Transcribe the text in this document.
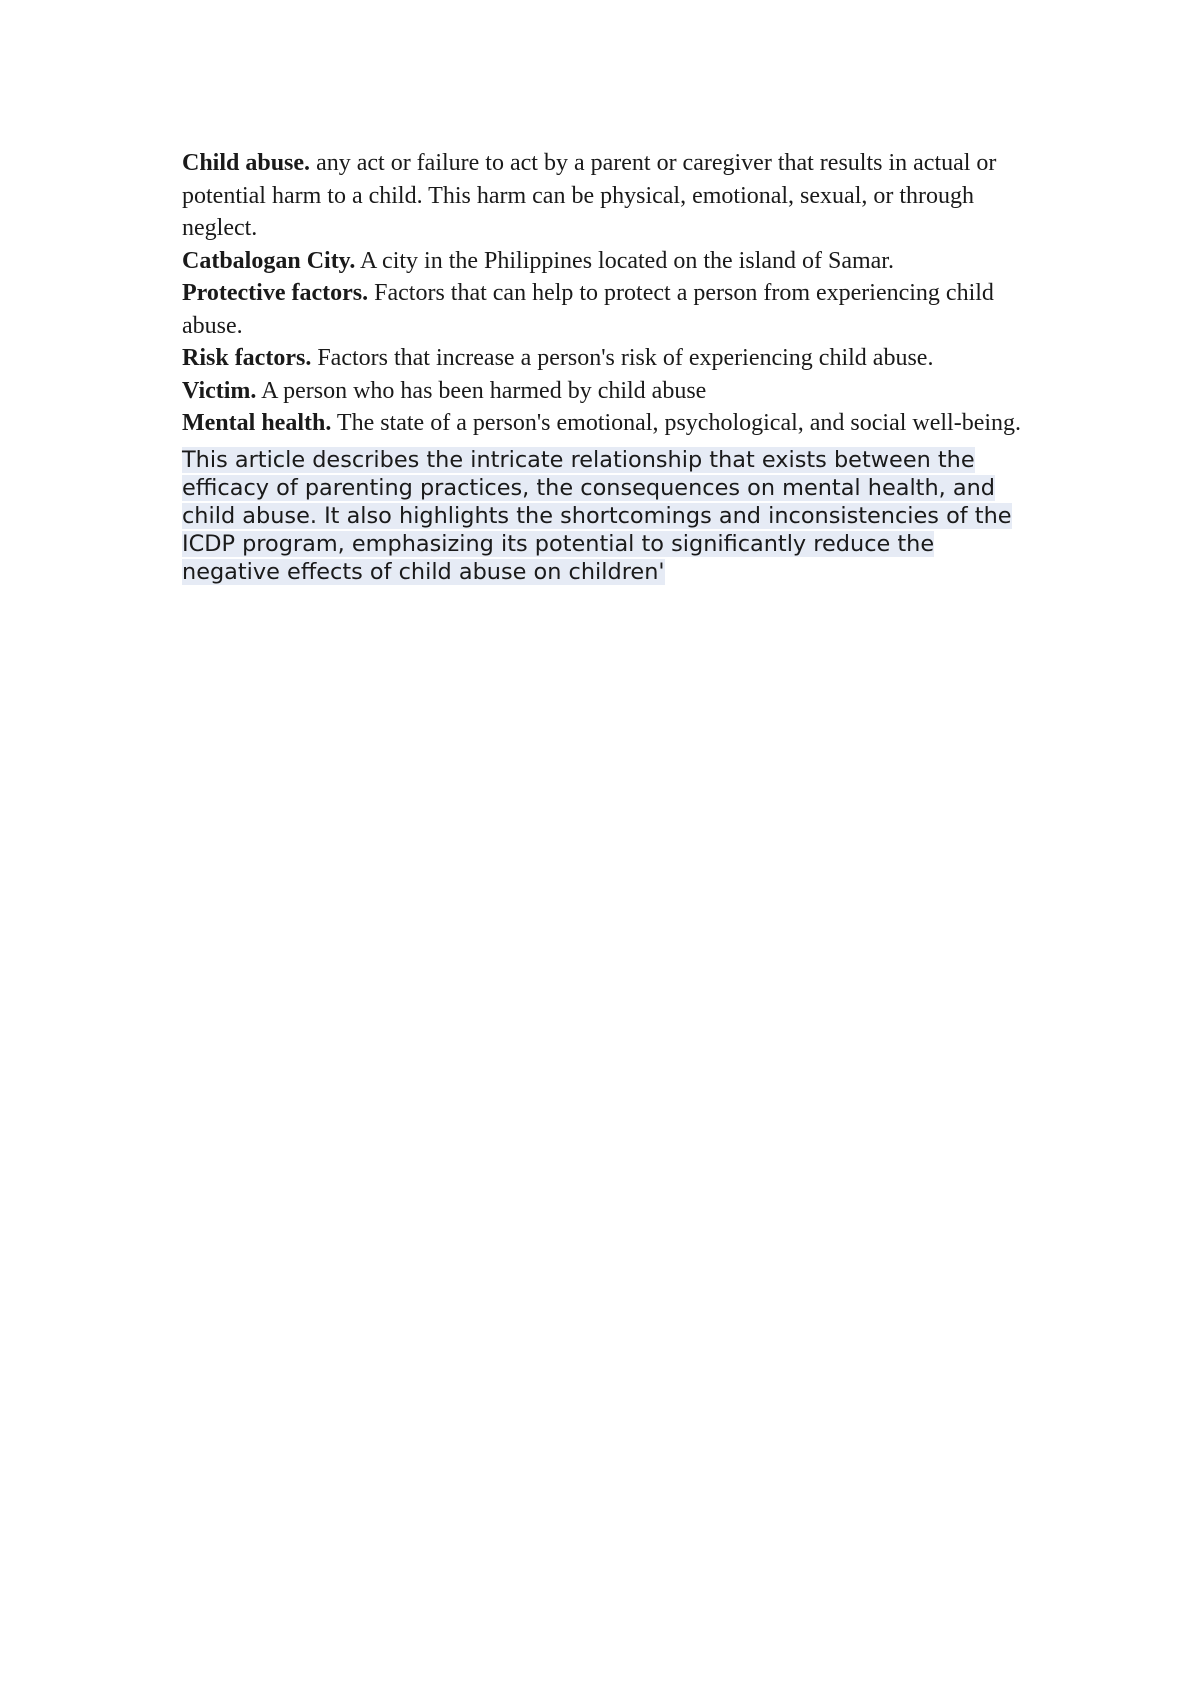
Child abuse. any act or failure to act by a parent or caregiver that results in actual or potential harm to a child. This harm can be physical, emotional, sexual, or through neglect.

Catbalogan City. A city in the Philippines located on the island of Samar.

Protective factors. Factors that can help to protect a person from experiencing child abuse.

Risk factors. Factors that increase a person's risk of experiencing child abuse.

Victim. A person who has been harmed by child abuse

Mental health. The state of a person's emotional, psychological, and social well-being.

This article describes the intricate relationship that exists between the efficacy of parenting practices, the consequences on mental health, and child abuse. It also highlights the shortcomings and inconsistencies of the ICDP program, emphasizing its potential to significantly reduce the negative effects of child abuse on children'
